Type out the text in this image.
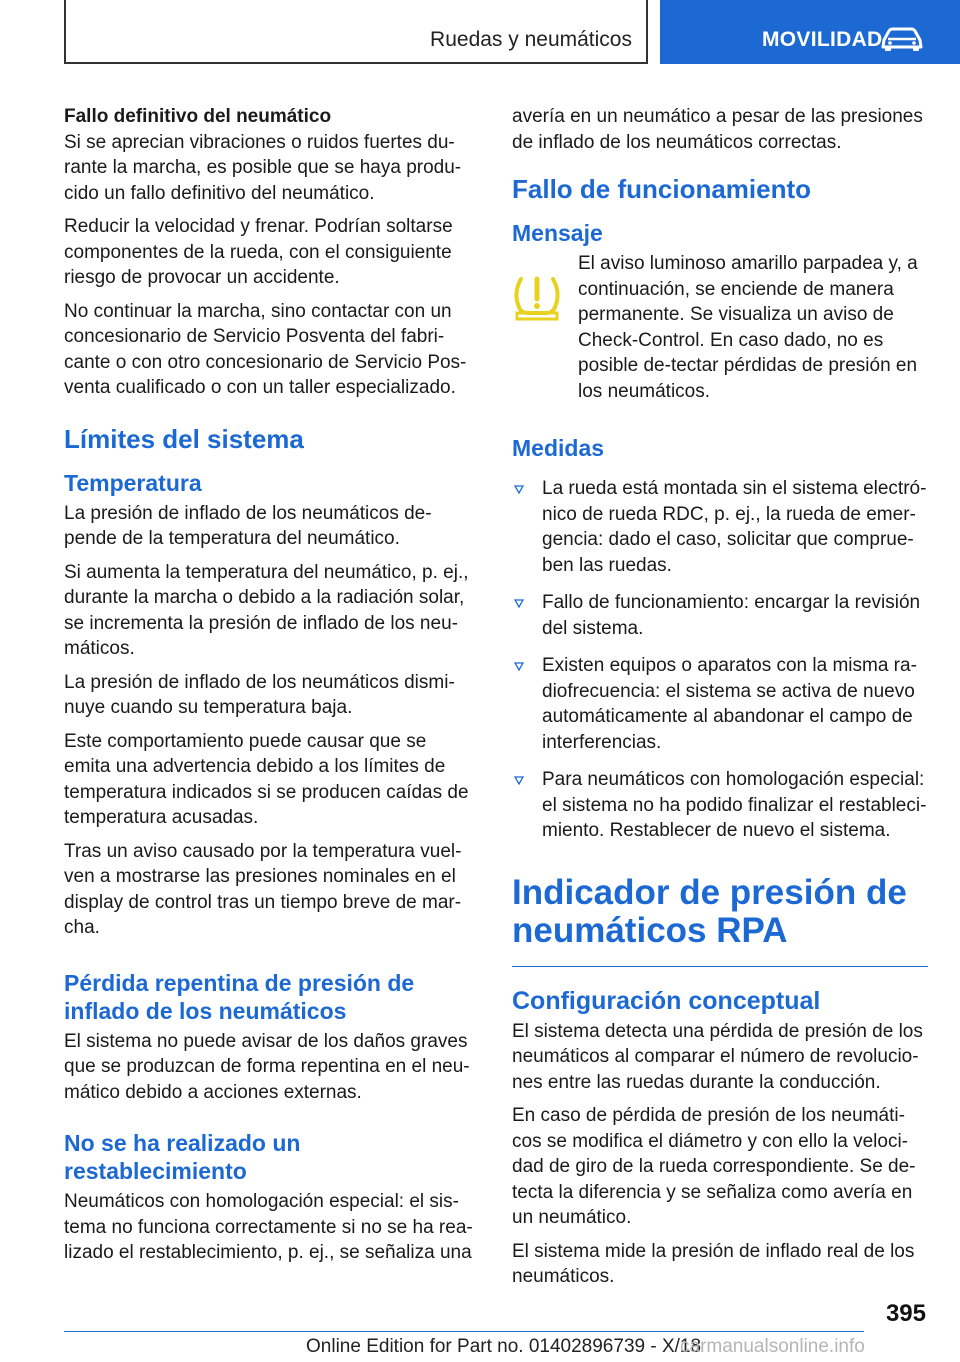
Ruedas y neumáticos	MOVILIDAD
Fallo definitivo del neumático

Si se aprecian vibraciones o ruidos fuertes du-rante la marcha, es posible que se haya produ-cido un fallo definitivo del neumático.

Reducir la velocidad y frenar. Podrían soltarse componentes de la rueda, con el consiguiente riesgo de provocar un accidente.

No continuar la marcha, sino contactar con un concesionario de Servicio Posventa del fabri-cante o con otro concesionario de Servicio Pos-venta cualificado o con un taller especializado.

Límites del sistema
Temperatura

La presión de inflado de los neumáticos de-pende de la temperatura del neumático.

Si aumenta la temperatura del neumático, p. ej., durante la marcha o debido a la radiación solar, se incrementa la presión de inflado de los neu-máticos.

La presión de inflado de los neumáticos dismi-nuye cuando su temperatura baja.

Este comportamiento puede causar que se emita una advertencia debido a los límites de temperatura indicados si se producen caídas de temperatura acusadas.

Tras un aviso causado por la temperatura vuel-ven a mostrarse las presiones nominales en el display de control tras un tiempo breve de mar-cha.

Pérdida repentina de presión de inflado de los neumáticos

El sistema no puede avisar de los daños graves que se produzcan de forma repentina en el neu-mático debido a acciones externas.

No se ha realizado un restablecimiento

Neumáticos con homologación especial: el sis-tema no funciona correctamente si no se ha rea-lizado el restablecimiento, p. ej., se señaliza una

avería en un neumático a pesar de las presiones de inflado de los neumáticos correctas.

Fallo de funcionamiento
Mensaje

El aviso luminoso amarillo parpadea y, a continuación, se enciende de manera permanente. Se visualiza un aviso de Check-Control. En caso dado, no es posible de-tectar pérdidas de presión en los neumáticos.

Medidas
La rueda está montada sin el sistema electró-nico de rueda RDC, p. ej., la rueda de emer-gencia: dado el caso, solicitar que comprue-ben las ruedas.
Fallo de funcionamiento: encargar la revisión del sistema.
Existen equipos o aparatos con la misma ra-diofrecuencia: el sistema se activa de nuevo automáticamente al abandonar el campo de interferencias.
Para neumáticos con homologación especial: el sistema no ha podido finalizar el restableci-miento. Restablecer de nuevo el sistema.
Indicador de presión de neumáticos RPA
Configuración conceptual

El sistema detecta una pérdida de presión de los neumáticos al comparar el número de revolucio-nes entre las ruedas durante la conducción.

En caso de pérdida de presión de los neumáti-cos se modifica el diámetro y con ello la veloci-dad de giro de la rueda correspondiente. Se de-tecta la diferencia y se señaliza como avería en un neumático.

El sistema mide la presión de inflado real de los neumáticos.

395
Online Edition for Part no. 01402896739 - X/18
carmanualsonline.info
